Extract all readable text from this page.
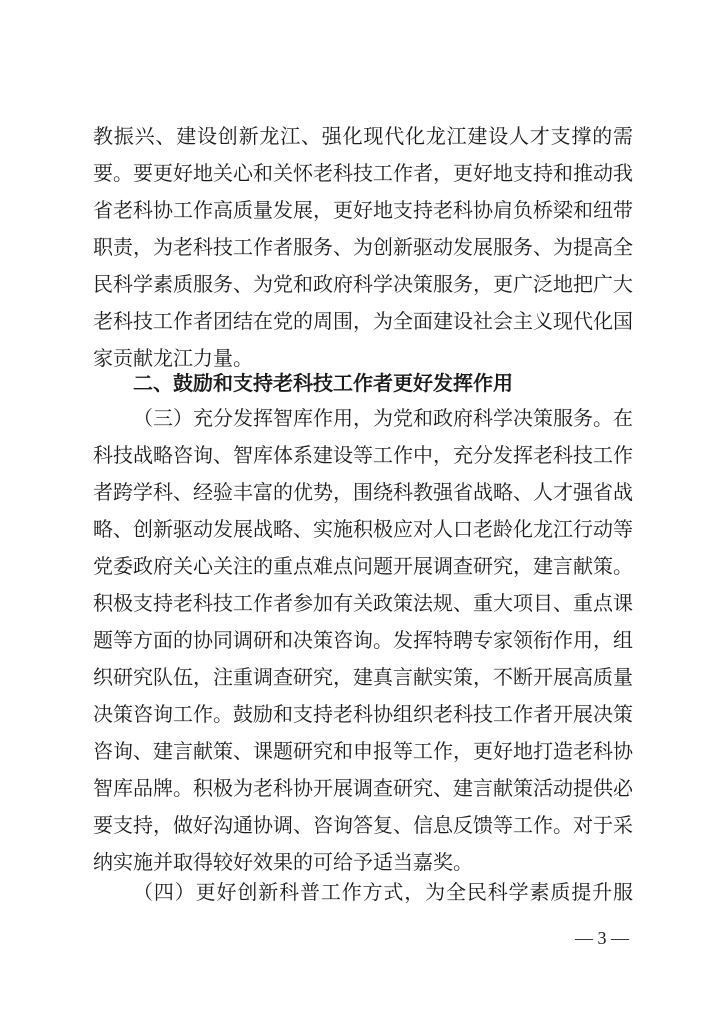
教振兴、建设创新龙江、强化现代化龙江建设人才支撑的需
要。要更好地关心和关怀老科技工作者，更好地支持和推动我
省老科协工作高质量发展，更好地支持老科协肩负桥梁和纽带
职责，为老科技工作者服务、为创新驱动发展服务、为提高全
民科学素质服务、为党和政府科学决策服务，更广泛地把广大
老科技工作者团结在党的周围，为全面建设社会主义现代化国
家贡献龙江力量。
二、鼓励和支持老科技工作者更好发挥作用
（三）充分发挥智库作用，为党和政府科学决策服务。在
科技战略咨询、智库体系建设等工作中，充分发挥老科技工作
者跨学科、经验丰富的优势，围绕科教强省战略、人才强省战
略、创新驱动发展战略、实施积极应对人口老龄化龙江行动等
党委政府关心关注的重点难点问题开展调查研究，建言献策。
积极支持老科技工作者参加有关政策法规、重大项目、重点课
题等方面的协同调研和决策咨询。发挥特聘专家领衔作用，组
织研究队伍，注重调查研究，建真言献实策，不断开展高质量
决策咨询工作。鼓励和支持老科协组织老科技工作者开展决策
咨询、建言献策、课题研究和申报等工作，更好地打造老科协
智库品牌。积极为老科协开展调查研究、建言献策活动提供必
要支持，做好沟通协调、咨询答复、信息反馈等工作。对于采
纳实施并取得较好效果的可给予适当嘉奖。
（四）更好创新科普工作方式，为全民科学素质提升服
— 3 —
